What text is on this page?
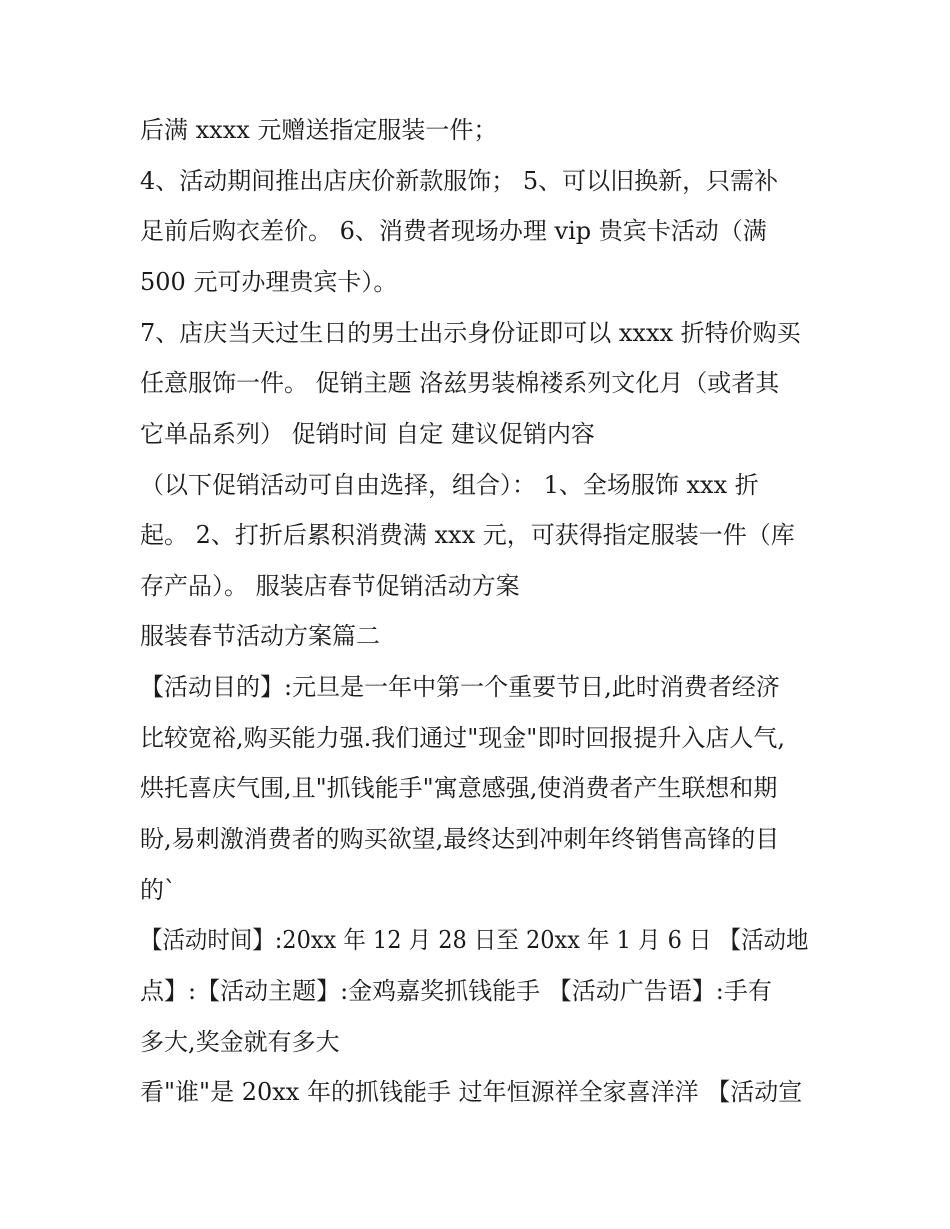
后满 xxxx 元赠送指定服装一件；

4、活动期间推出店庆价新款服饰； 5、可以旧换新，只需补

足前后购衣差价。 6、消费者现场办理 vip 贵宾卡活动（满

500 元可办理贵宾卡）。

7、店庆当天过生日的男士出示身份证即可以 xxxx 折特价购买

任意服饰一件。 促销主题 洛兹男装棉褛系列文化月（或者其

它单品系列） 促销时间 自定 建议促销内容

（以下促销活动可自由选择，组合）： 1、全场服饰 xxx 折

起。 2、打折后累积消费满 xxx 元，可获得指定服装一件（库

存产品）。 服装店春节促销活动方案

服装春节活动方案篇二

【活动目的】:元旦是一年中第一个重要节日,此时消费者经济

比较宽裕,购买能力强.我们通过"现金"即时回报提升入店人气,

烘托喜庆气围,且"抓钱能手"寓意感强,使消费者产生联想和期

盼,易刺激消费者的购买欲望,最终达到冲刺年终销售高锋的目

的`

【活动时间】:20xx 年 12 月 28 日至 20xx 年 1 月 6 日 【活动地

点】:【活动主题】:金鸡嘉奖抓钱能手 【活动广告语】:手有

多大,奖金就有多大

看"谁"是 20xx 年的抓钱能手 过年恒源祥全家喜洋洋 【活动宣
